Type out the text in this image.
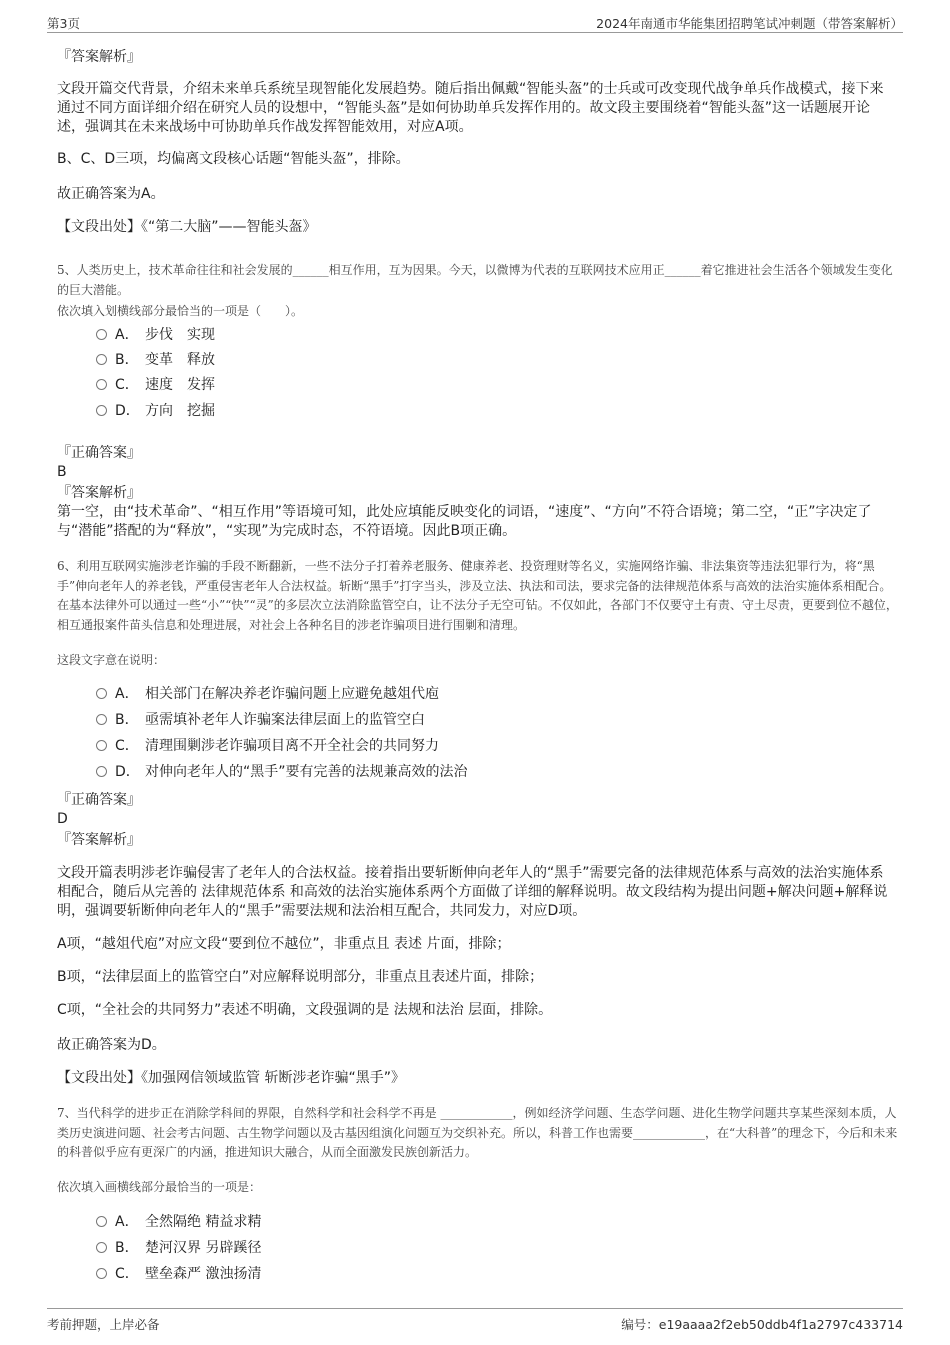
第3页	2024年南通市华能集团招聘笔试冲刺题（带答案解析）
『答案解析』
文段开篇交代背景，介绍未来单兵系统呈现智能化发展趋势。随后指出佩戴“智能头盔”的士兵或可改变现代战争单兵作战模式，接下来通过不同方面详细介绍在研究人员的设想中，“智能头盔”是如何协助单兵发挥作用的。故文段主要围绕着“智能头盔”这一话题展开论述，强调其在未来战场中可协助单兵作战发挥智能效用，对应A项。
B、C、D三项，均偏离文段核心话题“智能头盔”，排除。
故正确答案为A。
【文段出处】《“第二大脑”——智能头盔》
5、人类历史上，技术革命往往和社会发展的______相互作用，互为因果。今天，以微博为代表的互联网技术应用正______着它推进社会生活各个领域发生变化的巨大潜能。
依次填入划横线部分最恰当的一项是（　　）。
A． 步伐　实现
B． 变革　释放
C． 速度　发挥
D． 方向　挖掘
『正确答案』
B
『答案解析』
第一空，由“技术革命”、“相互作用”等语境可知，此处应填能反映变化的词语，“速度”、“方向”不符合语境；第二空，“正”字决定了与“潜能”搭配的为“释放”，“实现”为完成时态，不符语境。因此B项正确。
6、利用互联网实施涉老诈骗的手段不断翻新，一些不法分子打着养老服务、健康养老、投资理财等名义，实施网络诈骗、非法集资等违法犯罪行为，将“黑手”伸向老年人的养老钱，严重侵害老年人合法权益。斩断“黑手”打字当头，涉及立法、执法和司法，要求完备的法律规范体系与高效的法治实施体系相配合。在基本法律外可以通过一些“小”“快”“灵”的多层次立法消除监管空白，让不法分子无空可钻。不仅如此，各部门不仅要守土有责、守土尽责，更要到位不越位，相互通报案件苗头信息和处理进展，对社会上各种名目的涉老诈骗项目进行围剿和清理。
这段文字意在说明：
A． 相关部门在解决养老诈骗问题上应避免越俎代庖
B． 亟需填补老年人诈骗案法律层面上的监管空白
C． 清理围剿涉老诈骗项目离不开全社会的共同努力
D． 对伸向老年人的“黑手”要有完善的法规兼高效的法治
『正确答案』
D
『答案解析』
文段开篇表明涉老诈骗侵害了老年人的合法权益。接着指出要斩断伸向老年人的“黑手”需要完备的法律规范体系与高效的法治实施体系相配合，随后从完善的 法律规范体系 和高效的法治实施体系两个方面做了详细的解释说明。故文段结构为提出问题+解决问题+解释说明，强调要斩断伸向老年人的“黑手”需要法规和法治相互配合，共同发力，对应D项。
A项，“越俎代庖”对应文段“要到位不越位”，非重点且 表述 片面，排除；
B项，“法律层面上的监管空白”对应解释说明部分，非重点且表述片面，排除；
C项，“全社会的共同努力”表述不明确，文段强调的是 法规和法治 层面，排除。
故正确答案为D。
【文段出处】《加强网信领域监管 斩断涉老诈骗“黑手”》
7、当代科学的进步正在消除学科间的界限，自然科学和社会科学不再是 ____________，例如经济学问题、生态学问题、进化生物学问题共享某些深刻本质，人类历史演进问题、社会考古问题、古生物学问题以及古基因组演化问题互为交织补充。所以，科普工作也需要____________，在“大科普”的理念下，今后和未来的科普似乎应有更深广的内涵，推进知识大融合，从而全面激发民族创新活力。
依次填入画横线部分最恰当的一项是：
A． 全然隔绝 精益求精
B． 楚河汉界 另辟蹊径
C． 壁垒森严 激浊扬清
考前押题，上岸必备	编号：e19aaaa2f2eb50ddb4f1a2797c433714
